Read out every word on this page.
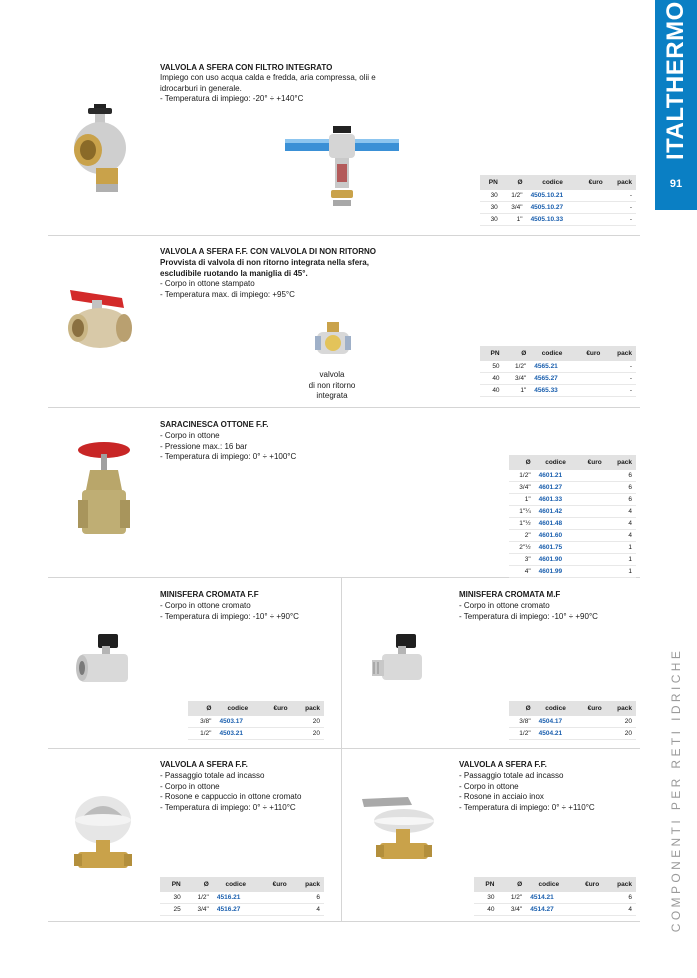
ITALTHERMO
91
COMPONENTI PER RETI IDRICHE
VALVOLA A SFERA CON FILTRO INTEGRATO
Impiego con uso acqua calda e fredda, aria compressa, olii e
idrocarburi in generale.
- Temperatura di impiego: -20° ÷ +140°C
PN	Ø	codice	€uro	pack
30	1/2"	4505.10.21		-
30	3/4"	4505.10.27		-
30	1"	4505.10.33		-
VALVOLA A SFERA F.F. CON VALVOLA DI NON RITORNO
Provvista di valvola di non ritorno integrata nella sfera,
escludibile ruotando la maniglia di 45°.
- Corpo in ottone stampato
- Temperatura max. di impiego: +95°C
valvola
di non ritorno
integrata
PN	Ø	codice	€uro	pack
50	1/2"	4565.21		-
40	3/4"	4565.27		-
40	1"	4565.33		-
SARACINESCA OTTONE F.F.
- Corpo in ottone
- Pressione max.: 16 bar
- Temperatura di impiego: 0° ÷ +100°C
Ø	codice	€uro	pack
1/2"	4601.21		6
3/4"	4601.27		6
1"	4601.33		6
1"¼	4601.42		4
1"½	4601.48		4
2"	4601.60		4
2"½	4601.75		1
3"	4601.90		1
4"	4601.99		1
MINISFERA CROMATA F.F
- Corpo in ottone cromato
- Temperatura di impiego: -10° ÷ +90°C
Ø	codice	€uro	pack
3/8"	4503.17		20
1/2"	4503.21		20
MINISFERA CROMATA M.F
- Corpo in ottone cromato
- Temperatura di impiego: -10° ÷ +90°C
Ø	codice	€uro	pack
3/8"	4504.17		20
1/2"	4504.21		20
VALVOLA A SFERA F.F.
- Passaggio totale ad incasso
- Corpo in ottone
- Rosone e cappuccio in ottone cromato
- Temperatura di impiego: 0° ÷ +110°C
PN	Ø	codice	€uro	pack
30	1/2"	4516.21		6
25	3/4"	4516.27		4
VALVOLA A SFERA F.F.
- Passaggio totale ad incasso
- Corpo in ottone
- Rosone in acciaio inox
- Temperatura di impiego: 0° ÷ +110°C
PN	Ø	codice	€uro	pack
30	1/2"	4514.21		6
40	3/4"	4514.27		4
